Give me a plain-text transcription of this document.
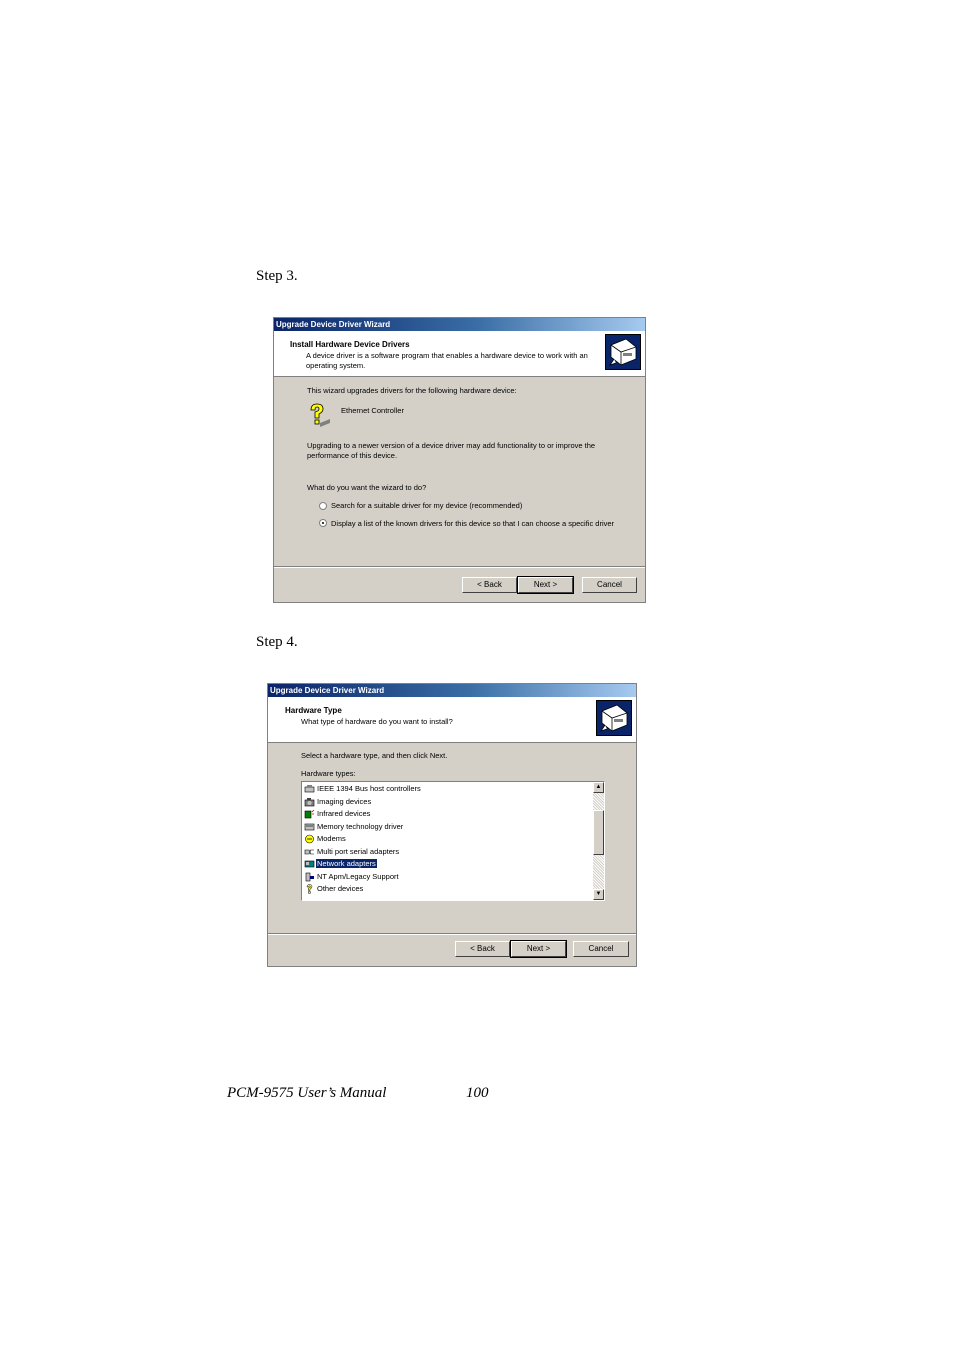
Step 3.
Upgrade Device Driver Wizard
Install Hardware Device Drivers
A device driver is a software program that enables a hardware device to work with an operating system.
This wizard upgrades drivers for the following hardware device:
Ethernet Controller
Upgrading to a newer version of a device driver may add functionality to or improve the performance of this device.
What do you want the wizard to do?
Search for a suitable driver for my device (recommended)
Display a list of the known drivers for this device so that I can choose a specific driver
< Back	Next >	Cancel
Step 4.
Upgrade Device Driver Wizard
Hardware Type
What type of hardware do you want to install?
Select a hardware type, and then click Next.
Hardware types:
IEEE 1394 Bus host controllers
Imaging devices
Infrared devices
Memory technology driver
Modems
Multi port serial adapters
Network adapters
NT Apm/Legacy Support
Other devices
▲
▼
< Back	Next >	Cancel
PCM-9575 User’s Manual	100
